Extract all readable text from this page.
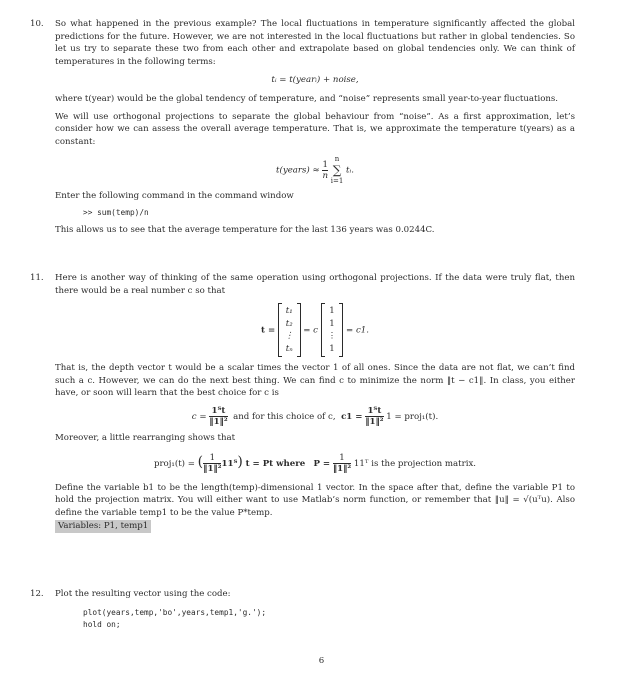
10. So what happened in the previous example? The local fluctuations in temperature significantly affected the global predictions for the future. However, we are not interested in the local fluctuations but rather in global tendencies. So let us try to separate these two from each other and extrapolate based on global tendencies only. We can think of temperatures in the following terms:

tᵢ = t(yearᵢ) + noise,

where t(year) would be the global tendency of temperature, and “noise” represents small year-to-year fluctuations.

We will use orthogonal projections to separate the global behaviour from “noise”. As a first approximation, let’s consider how we can assess the overall average temperature. That is, we approximate the temperature t(years) as a constant:

t(years) ≈ $\frac{1}{n}$

n
∑
i=1
tᵢ.

Enter the following command in the command window

>> sum(temp)/n

This allows us to see that the average temperature for the last 136 years was 0.0244C.

11. Here is another way of thinking of the same operation using orthogonal projections. If the data were truly flat, then there would be a real number c so that

t =
t₁
t₂
⋮
tₙ
= c
1
1
⋮
1
= c1.

That is, the depth vector t would be a scalar times the vector 1 of all ones. Since the data are not flat, we can’t find such a c. However, we can do the next best thing. We can find c to minimize the norm ‖t − c1‖. In class, you either have, or soon will learn that the best choice for c is

$c = \frac{\text{1ᵀt}}{\text{‖1‖²}}$ and for this choice of c, $c1 = \frac{\text{1ᵀt}}{\text{‖1‖²}} 1$ = proj₁(t).

Moreover, a little rearranging shows that

proj₁(t) = ( $\frac{1}{\text{‖1‖²}}$ 11ᵀ) t = Pt where $P = \frac{1}{\text{‖1‖²}}$ 11ᵀ is the projection matrix.

Define the variable b1 to be the length(temp)-dimensional 1 vector. In the space after that, define the variable P1 to hold the projection matrix. You will either want to use Matlab’s norm function, or remember that ‖u‖ = √(uᵀu). Also define the variable temp1 to be the value P*temp.

Variables: P1, temp1
12. Plot the resulting vector using the code:

plot(years,temp,'bo',years,temp1,'g.');
hold on;
6
